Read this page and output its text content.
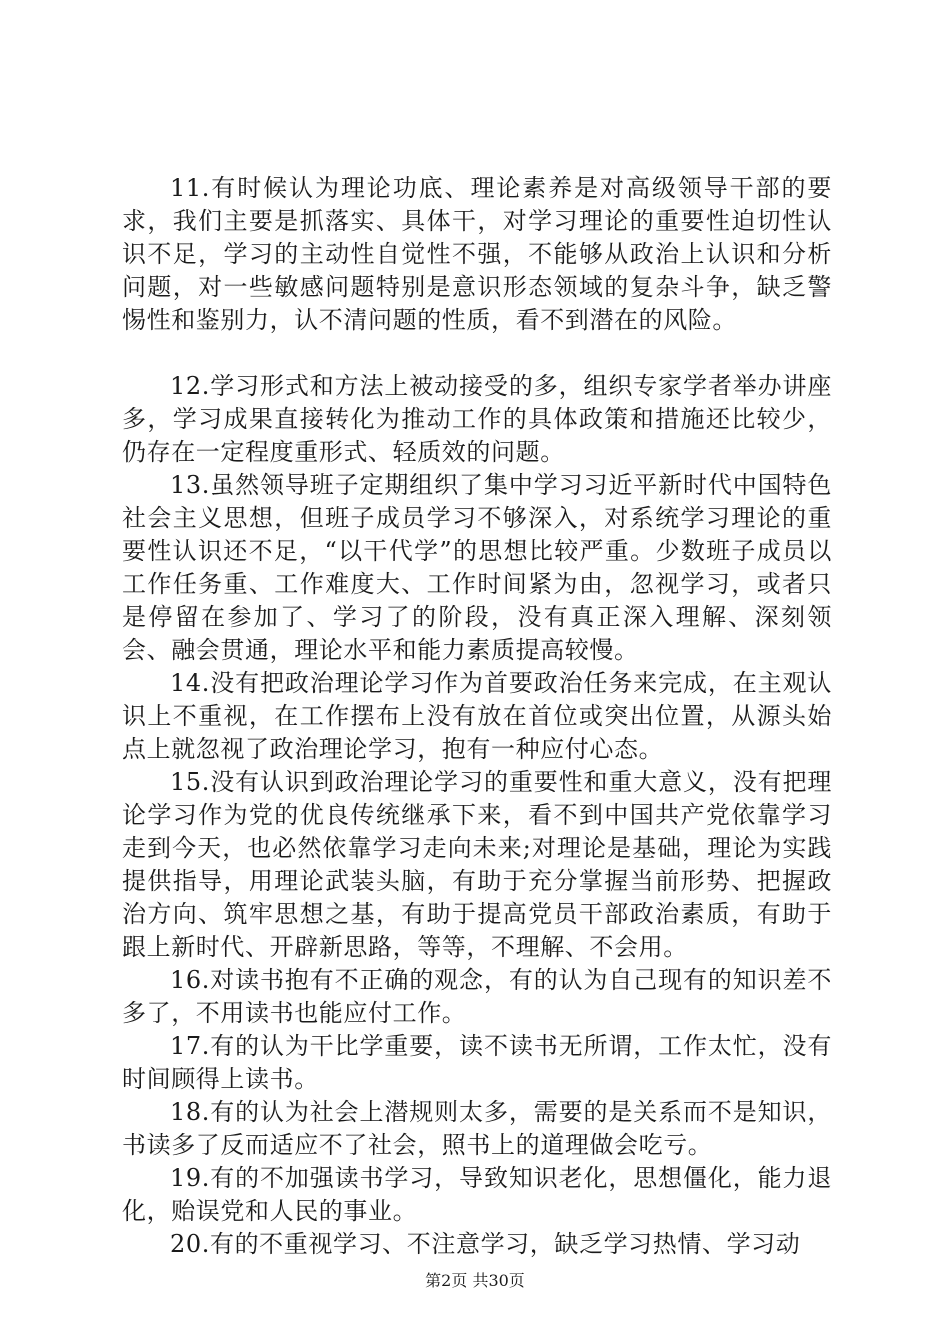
11.有时候认为理论功底、理论素养是对高级领导干部的要求，我们主要是抓落实、具体干，对学习理论的重要性迫切性认识不足，学习的主动性自觉性不强，不能够从政治上认识和分析问题，对一些敏感问题特别是意识形态领域的复杂斗争，缺乏警惕性和鉴别力，认不清问题的性质，看不到潜在的风险。

12.学习形式和方法上被动接受的多，组织专家学者举办讲座多，学习成果直接转化为推动工作的具体政策和措施还比较少，仍存在一定程度重形式、轻质效的问题。

13.虽然领导班子定期组织了集中学习习近平新时代中国特色社会主义思想，但班子成员学习不够深入，对系统学习理论的重要性认识还不足，“以干代学”的思想比较严重。少数班子成员以工作任务重、工作难度大、工作时间紧为由，忽视学习，或者只是停留在参加了、学习了的阶段，没有真正深入理解、深刻领会、融会贯通，理论水平和能力素质提高较慢。

14.没有把政治理论学习作为首要政治任务来完成，在主观认识上不重视，在工作摆布上没有放在首位或突出位置，从源头始点上就忽视了政治理论学习，抱有一种应付心态。

15.没有认识到政治理论学习的重要性和重大意义，没有把理论学习作为党的优良传统继承下来，看不到中国共产党依靠学习走到今天，也必然依靠学习走向未来;对理论是基础，理论为实践提供指导，用理论武装头脑，有助于充分掌握当前形势、把握政治方向、筑牢思想之基，有助于提高党员干部政治素质，有助于跟上新时代、开辟新思路，等等，不理解、不会用。

16.对读书抱有不正确的观念，有的认为自己现有的知识差不多了，不用读书也能应付工作。

17.有的认为干比学重要，读不读书无所谓，工作太忙，没有时间顾得上读书。

18.有的认为社会上潜规则太多，需要的是关系而不是知识，书读多了反而适应不了社会，照书上的道理做会吃亏。

19.有的不加强读书学习，导致知识老化，思想僵化，能力退化，贻误党和人民的事业。

20.有的不重视学习、不注意学习，缺乏学习热情、学习动

第2页 共30页
